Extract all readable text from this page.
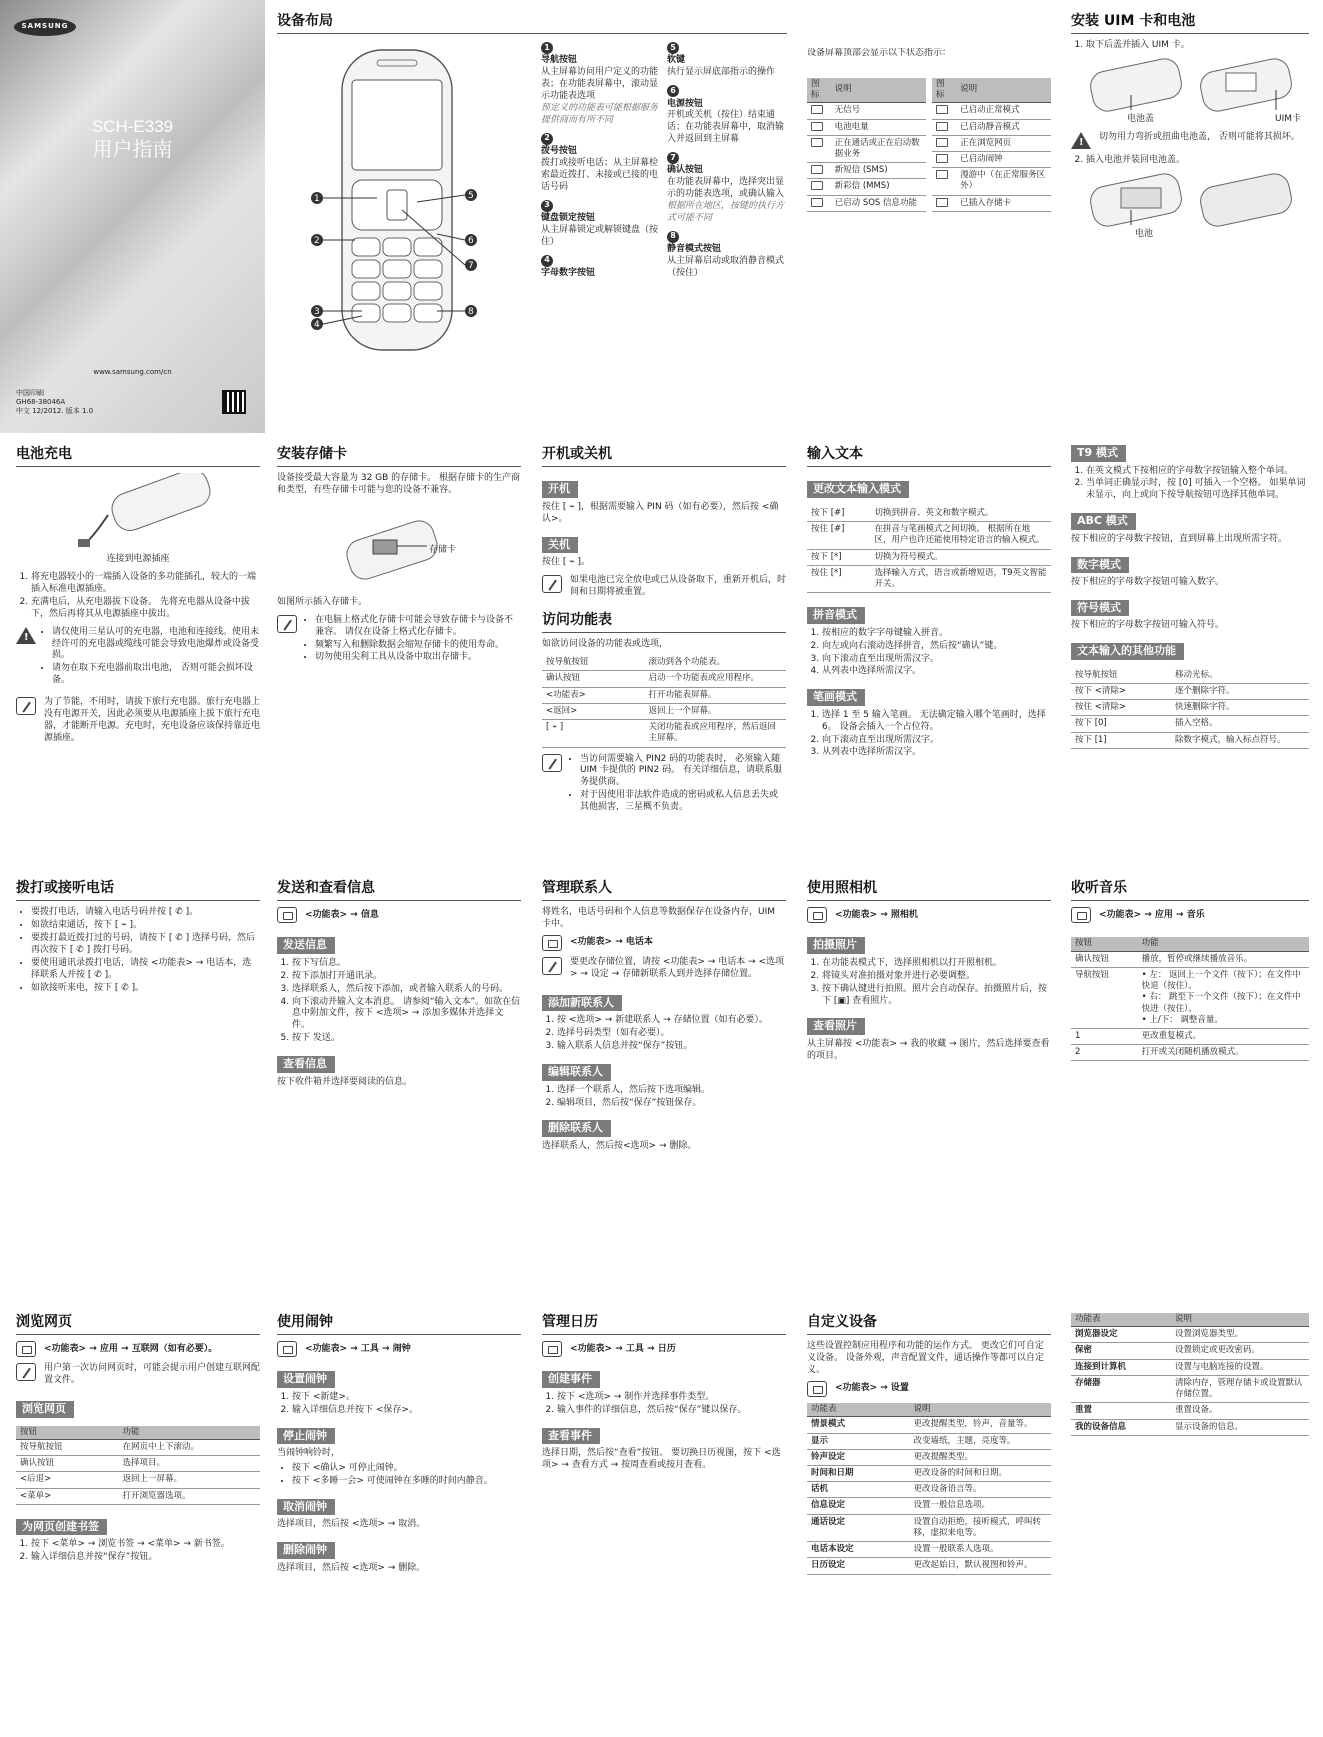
SAMSUNG
SCH-E339
用户指南
www.samsung.com/cn
中国印刷
GH68-38046A
中文 12/2012. 版本 1.0
设备布局
1
2
3
4
5
6
7
8
1
导航按钮
从主屏幕访问用户定义的功能表；在功能表屏幕中，滚动显示功能表选项
预定义的功能表可能根据服务提供商而有所不同
2
拨号按钮
拨打或接听电话；从主屏幕检索最近拨打、未接或已接的电话号码
3
键盘锁定按钮
从主屏幕锁定或解锁键盘（按住）
4
字母数字按钮
5
软键
执行显示屏底部指示的操作
6
电源按钮
开机或关机（按住）结束通话；在功能表屏幕中，取消输入并返回到主屏幕
7
确认按钮
在功能表屏幕中，选择突出显示的功能表选项，或确认输入
根据所在地区，按键的执行方式可能不同
8
静音模式按钮
从主屏幕启动或取消静音模式（按住）

设备屏幕顶部会显示以下状态指示：

图标	说明
	无信号
	电池电量
	正在通话或正在启动数据业务
	新短信 (SMS)
	新彩信 (MMS)
	已启动 SOS 信息功能
图标	说明
	已启动正常模式
	已启动静音模式
	正在浏览网页
	已启动闹钟
	漫游中（在正常服务区外）
	已插入存储卡
安装 UIM 卡和电池
1. 取下后盖并插入 UIM 卡。
电池盖	UIM卡
!
切勿用力弯折或扭曲电池盖， 否则可能将其损坏。
2. 插入电池并装回电池盖。
电池
电池充电
连接到电源插座
1. 将充电器较小的一端插入设备的多功能插孔，较大的一端插入标准电源插座。
2. 充满电后，从充电器拔下设备。 先将充电器从设备中拔下，然后再将其从电源插座中拔出。
!
• 请仅使用三星认可的充电器，电池和连接线。使用未经许可的充电器或缆线可能会导致电池爆炸或设备受损。
• 请勿在取下充电器前取出电池， 否则可能会损坏设备。
为了节能，不用时，请拔下旅行充电器。旅行充电器上没有电源开关，因此必须要从电源插座上拔下旅行充电器，才能断开电源。充电时，充电设备应该保持靠近电源插座。
安装存储卡

设备接受最大容量为 32 GB 的存储卡。 根据存储卡的生产商和类型，有些存储卡可能与您的设备不兼容。

存储卡

如图所示插入存储卡。

• 在电脑上格式化存储卡可能会导致存储卡与设备不兼容。 请仅在设备上格式化存储卡。
• 频繁写入和删除数据会缩短存储卡的使用寿命。
• 切勿使用尖利工具从设备中取出存储卡。
开机或关机
开机

按住 [ ⌁ ]，根据需要输入 PIN 码（如有必要），然后按 <确认>。

关机

按住 [ ⌁ ]。

如果电池已完全放电或已从设备取下，重新开机后，时间和日期将被重置。
访问功能表

如欲访问设备的功能表或选项，

按导航按钮	滚动到各个功能表。
确认按钮	启动一个功能表或应用程序。
<功能表>	打开功能表屏幕。
<返回>	返回上一个屏幕。
[ ⌁ ]	关闭功能表或应用程序，然后返回主屏幕。
• 当访问需要输入 PIN2 码的功能表时， 必须输入随 UIM 卡提供的 PIN2 码。 有关详细信息，请联系服务提供商。
• 对于因使用非法软件造成的密码或私人信息丢失或其他损害，三星概不负责。
输入文本
更改文本输入模式
按下 [#]	切换到拼音、英文和数字模式。
按住 [#]	在拼音与笔画模式之间切换。 根据所在地区，用户也许还能使用特定语言的输入模式。
按下 [*]	切换为符号模式。
按住 [*]	选择输入方式，语言或新增短语，T9英文智能开关。
拼音模式
1. 按相应的数字字母键输入拼音。
2. 向左或向右滚动选择拼音，然后按“确认”键。
3. 向下滚动直至出现所需汉字。
4. 从列表中选择所需汉字。
笔画模式
1. 选择 1 至 5 输入笔画。 无法确定输入哪个笔画时，选择 6。 设备会插入一个占位符。
2. 向下滚动直至出现所需汉字。
3. 从列表中选择所需汉字。
T9 模式
1. 在英文模式下按相应的字母数字按钮输入整个单词。
2. 当单词正确显示时，按 [0] 可插入一个空格。 如果单词未显示，向上或向下按导航按钮可选择其他单词。
ABC 模式

按下相应的字母数字按钮，直到屏幕上出现所需字符。

数字模式

按下相应的字母数字按钮可输入数字。

符号模式

按下相应的字母数字按钮可输入符号。

文本输入的其他功能
按导航按钮	移动光标。
按下 <清除>	逐个删除字符。
按住 <清除>	快速删除字符。
按下 [0]	插入空格。
按下 [1]	除数字模式，输入标点符号。
拨打或接听电话
• 要拨打电话，请输入电话号码并按 [ ✆ ]。
• 如欲结束通话，按下 [ ⌁ ]。
• 要拨打最近拨打过的号码，请按下 [ ✆ ] 选择号码，然后再次按下 [ ✆ ] 拨打号码。
• 要使用通讯录拨打电话，请按 <功能表> → 电话本，选择联系人并按 [ ✆ ]。
• 如欲接听来电，按下 [ ✆ ]。
发送和查看信息
<功能表> → 信息
发送信息
1. 按下写信息。
2. 按下添加打开通讯录。
3. 选择联系人，然后按下添加，或者输入联系人的号码。
4. 向下滚动并输入文本消息。 请参阅“输入文本”。如欲在信息中附加文件，按下 <选项> → 添加多媒体并选择文件。
5. 按下 发送。
查看信息

按下收件箱并选择要阅读的信息。

管理联系人

将姓名，电话号码和个人信息等数据保存在设备内存，UIM 卡中。

<功能表> → 电话本
要更改存储位置，请按 <功能表> → 电话本 → <选项> → 设定 → 存储新联系人到并选择存储位置。
添加新联系人
1. 按 <选项> → 新建联系人 → 存储位置（如有必要）。
2. 选择号码类型（如有必要）。
3. 输入联系人信息并按“保存”按钮。
编辑联系人
1. 选择一个联系人，然后按下选项编辑。
2. 编辑项目，然后按“保存”按钮保存。
删除联系人

选择联系人，然后按<选项> → 删除。

使用照相机
<功能表> → 照相机
拍摄照片
1. 在功能表模式下，选择照相机以打开照相机。
2. 将镜头对准拍摄对象并进行必要调整。
3. 按下确认键进行拍照。照片会自动保存。拍摄照片后，按下 [▣] 查看照片。
查看照片

从主屏幕按 <功能表> → 我的收藏 → 图片，然后选择要查看的项目。

收听音乐
<功能表> → 应用 → 音乐
按钮	功能
确认按钮	播放，暂停或继续播放音乐。
导航按钮	• 左： 返回上一个文件（按下）；在文件中快退（按住）。
• 右： 跳至下一个文件（按下）；在文件中快进（按住）。
• 上/下： 调整音量。
1	更改重复模式。
2	打开或关闭随机播放模式。
浏览网页
<功能表> → 应用 → 互联网（如有必要）。
用户第一次访问网页时，可能会提示用户创建互联网配置文件。
浏览网页
按钮	功能
按导航按钮	在网页中上下滚动。
确认按钮	选择项目。
<后退>	返回上一屏幕。
<菜单>	打开浏览器选项。
为网页创建书签
1. 按下 <菜单> → 浏览书签 → <菜单> → 新书签。
2. 输入详细信息并按“保存”按钮。
使用闹钟
<功能表> → 工具 → 闹钟
设置闹钟
1. 按下 <新建>。
2. 输入详细信息并按下 <保存>。
停止闹钟

当闹钟响铃时，

• 按下 <确认> 可停止闹钟。
• 按下 <多睡一会> 可使闹钟在多睡的时间内静音。
取消闹钟

选择项目，然后按 <选项> → 取消。

删除闹钟

选择项目，然后按 <选项> → 删除。

管理日历
<功能表> → 工具 → 日历
创建事件
1. 按下 <选项> → 制作并选择事件类型。
2. 输入事件的详细信息，然后按“保存”键以保存。
查看事件

选择日期，然后按“查看”按钮。 要切换日历视图，按下 <选项> → 查看方式 → 按周查看或按月查看。

自定义设备

这些设置控制应用程序和功能的运作方式。 更改它们可自定义设备。 设备外观，声音配置文件，通话操作等都可以自定义。

<功能表> → 设置
功能表	说明
情景模式	更改提醒类型，铃声，音量等。
显示	改变墙纸，主题，亮度等。
铃声设定	更改提醒类型。
时间和日期	更改设备的时间和日期。
话机	更改设备语言等。
信息设定	设置一般信息选项。
通话设定	设置自动拒绝，接听模式，呼叫转移，虚拟来电等。
电话本设定	设置一般联系人选项。
日历设定	更改起始日，默认视图和铃声。
功能表	说明
浏览器设定	设置浏览器类型。
保密	设置锁定或更改密码。
连接到计算机	设置与电脑连接的设置。
存储器	清除内存，管理存储卡或设置默认存储位置。
重置	重置设备。
我的设备信息	显示设备的信息。
